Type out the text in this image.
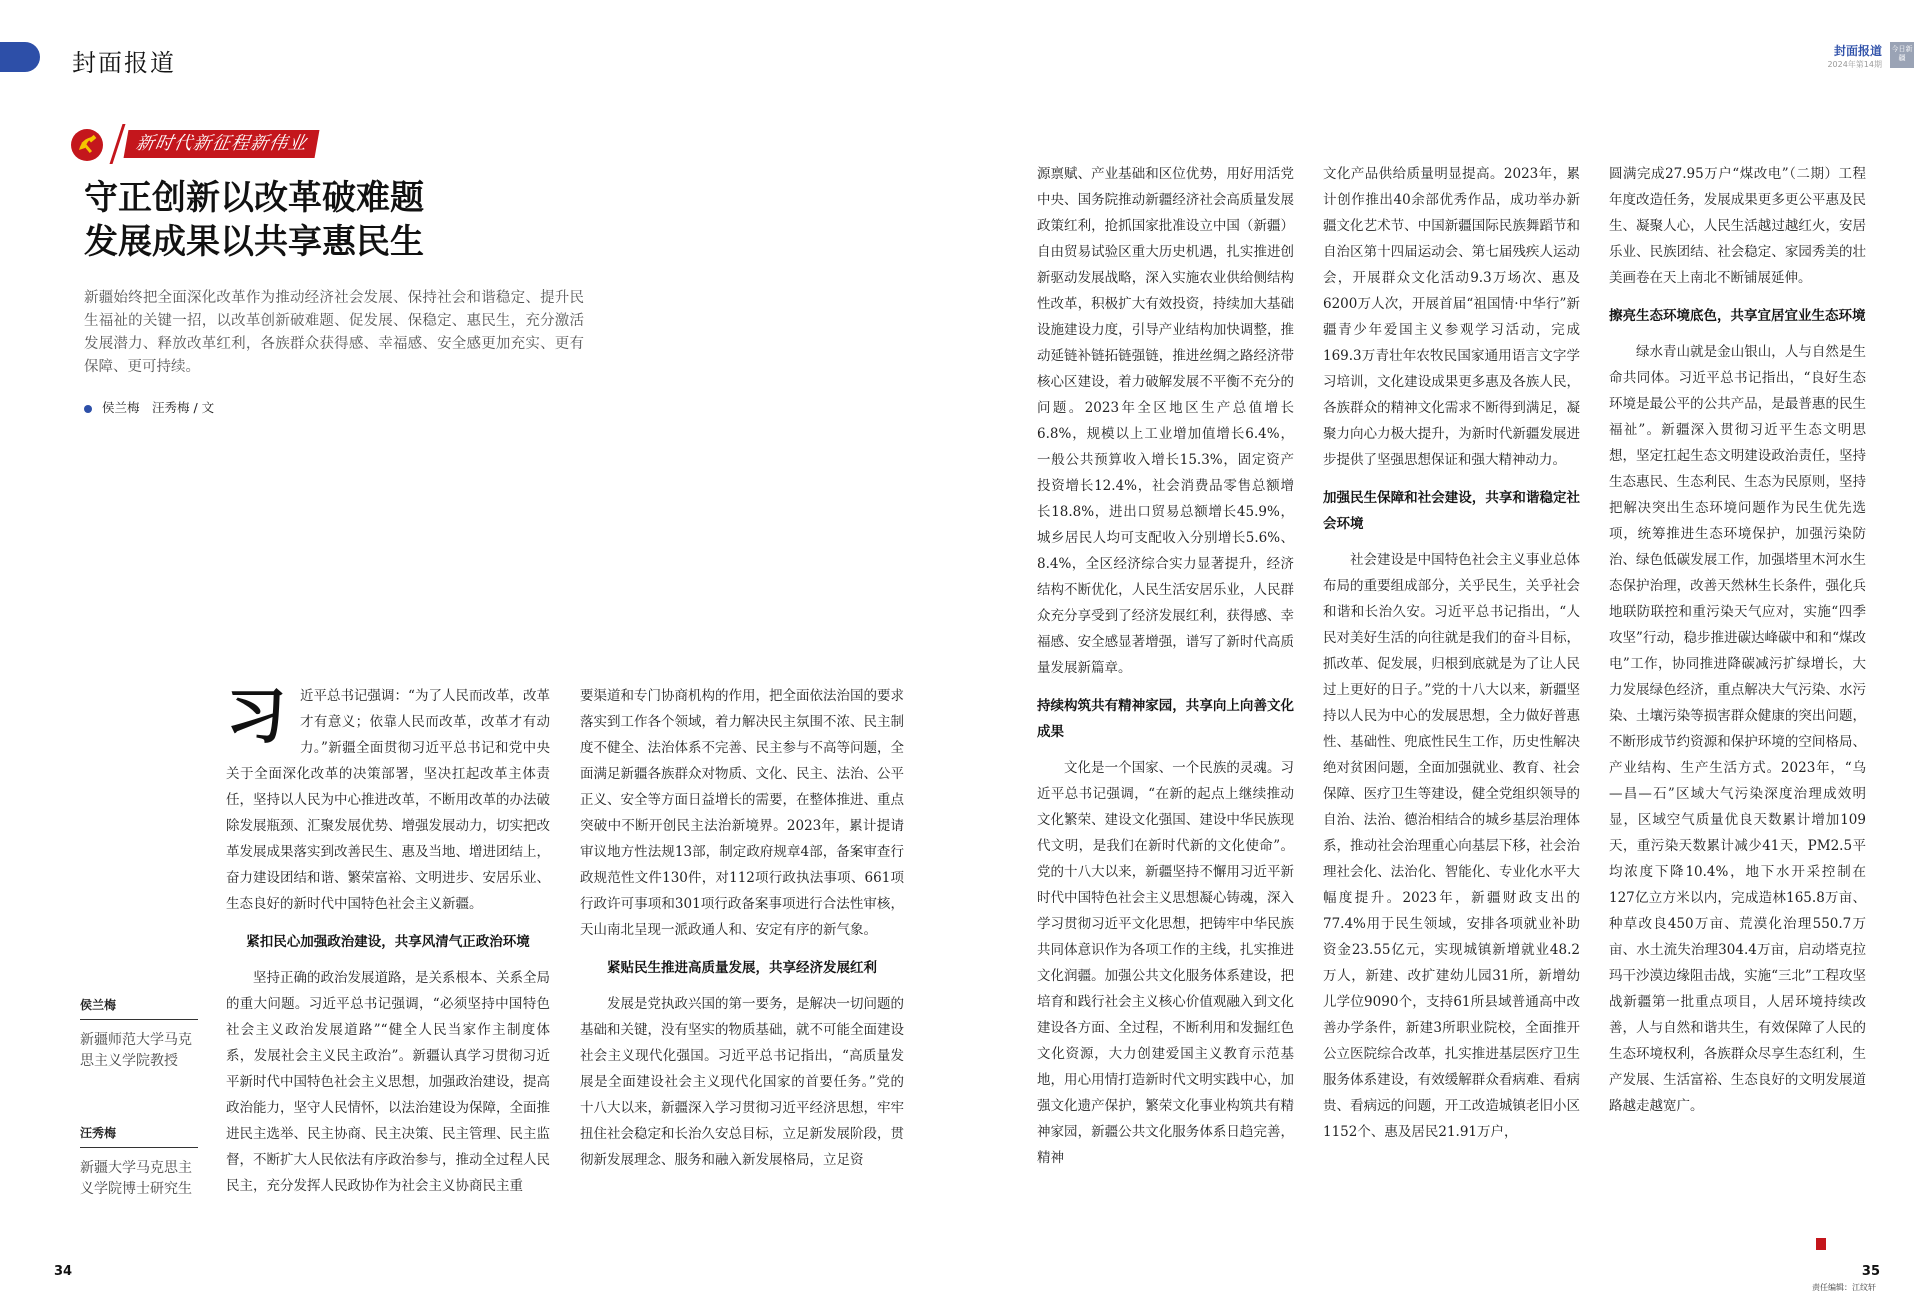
封面报道	封面报道
2024年第14期
今日新疆
新时代新征程新伟业
守正创新以改革破难题
发展成果以共享惠民生
新疆始终把全面深化改革作为推动经济社会发展、保持社会和谐稳定、提升民生福祉的关键一招，以改革创新破难题、促发展、保稳定、惠民生，充分激活发展潜力、释放改革红利，各族群众获得感、幸福感、安全感更加充实、更有保障、更可持续。
侯兰梅　汪秀梅 / 文
侯兰梅
新疆师范大学马克思主义学院教授
汪秀梅
新疆大学马克思主义学院博士研究生
习	近平总书记强调：“为了人民而改革，改革才有意义；依靠人民而改革，改革才有动力。”新疆全面贯彻习近平总书记和党中央关于全面深化改革的决策部署，坚决扛起改革主体责任，坚持以人民为中心推进改革，不断用改革的办法破除发展瓶颈、汇聚发展优势、增强发展动力，切实把改革发展成果落实到改善民生、惠及当地、增进团结上，奋力建设团结和谐、繁荣富裕、文明进步、安居乐业、生态良好的新时代中国特色社会主义新疆。

紧扣民心加强政治建设，共享风清气正政治环境

坚持正确的政治发展道路，是关系根本、关系全局的重大问题。习近平总书记强调，“必须坚持中国特色社会主义政治发展道路”“健全人民当家作主制度体系，发展社会主义民主政治”。新疆认真学习贯彻习近平新时代中国特色社会主义思想，加强政治建设，提高政治能力，坚守人民情怀，以法治建设为保障，全面推进民主选举、民主协商、民主决策、民主管理、民主监督，不断扩大人民依法有序政治参与，推动全过程人民民主，充分发挥人民政协作为社会主义协商民主重

要渠道和专门协商机构的作用，把全面依法治国的要求落实到工作各个领域，着力解决民主氛围不浓、民主制度不健全、法治体系不完善、民主参与不高等问题，全面满足新疆各族群众对物质、文化、民主、法治、公平正义、安全等方面日益增长的需要，在整体推进、重点突破中不断开创民主法治新境界。2023年，累计提请审议地方性法规13部，制定政府规章4部，备案审查行政规范性文件130件，对112项行政执法事项、661项行政许可事项和301项行政备案事项进行合法性审核，天山南北呈现一派政通人和、安定有序的新气象。

紧贴民生推进高质量发展，共享经济发展红利

发展是党执政兴国的第一要务，是解决一切问题的基础和关键，没有坚实的物质基础，就不可能全面建设社会主义现代化强国。习近平总书记指出，“高质量发展是全面建设社会主义现代化国家的首要任务。”党的十八大以来，新疆深入学习贯彻习近平经济思想，牢牢扭住社会稳定和长治久安总目标，立足新发展阶段，贯彻新发展理念、服务和融入新发展格局，立足资

源禀赋、产业基础和区位优势，用好用活党中央、国务院推动新疆经济社会高质量发展政策红利，抢抓国家批准设立中国（新疆）自由贸易试验区重大历史机遇，扎实推进创新驱动发展战略，深入实施农业供给侧结构性改革，积极扩大有效投资，持续加大基础设施建设力度，引导产业结构加快调整，推动延链补链拓链强链，推进丝绸之路经济带核心区建设，着力破解发展不平衡不充分的问题。2023年全区地区生产总值增长6.8%，规模以上工业增加值增长6.4%，一般公共预算收入增长15.3%，固定资产投资增长12.4%，社会消费品零售总额增长18.8%，进出口贸易总额增长45.9%，城乡居民人均可支配收入分别增长5.6%、8.4%，全区经济综合实力显著提升，经济结构不断优化，人民生活安居乐业，人民群众充分享受到了经济发展红利，获得感、幸福感、安全感显著增强，谱写了新时代高质量发展新篇章。

持续构筑共有精神家园，共享向上向善文化成果

文化是一个国家、一个民族的灵魂。习近平总书记强调，“在新的起点上继续推动文化繁荣、建设文化强国、建设中华民族现代文明，是我们在新时代新的文化使命”。党的十八大以来，新疆坚持不懈用习近平新时代中国特色社会主义思想凝心铸魂，深入学习贯彻习近平文化思想，把铸牢中华民族共同体意识作为各项工作的主线，扎实推进文化润疆。加强公共文化服务体系建设，把培育和践行社会主义核心价值观融入到文化建设各方面、全过程，不断利用和发掘红色文化资源，大力创建爱国主义教育示范基地，用心用情打造新时代文明实践中心，加强文化遗产保护，繁荣文化事业构筑共有精神家园，新疆公共文化服务体系日趋完善，精神

文化产品供给质量明显提高。2023年，累计创作推出40余部优秀作品，成功举办新疆文化艺术节、中国新疆国际民族舞蹈节和自治区第十四届运动会、第七届残疾人运动会，开展群众文化活动9.3万场次、惠及6200万人次，开展首届“祖国情·中华行”新疆青少年爱国主义参观学习活动，完成169.3万青壮年农牧民国家通用语言文字学习培训，文化建设成果更多惠及各族人民，各族群众的精神文化需求不断得到满足，凝聚力向心力极大提升，为新时代新疆发展进步提供了坚强思想保证和强大精神动力。

加强民生保障和社会建设，共享和谐稳定社会环境

社会建设是中国特色社会主义事业总体布局的重要组成部分，关乎民生，关乎社会和谐和长治久安。习近平总书记指出，“人民对美好生活的向往就是我们的奋斗目标，抓改革、促发展，归根到底就是为了让人民过上更好的日子。”党的十八大以来，新疆坚持以人民为中心的发展思想，全力做好普惠性、基础性、兜底性民生工作，历史性解决绝对贫困问题，全面加强就业、教育、社会保障、医疗卫生等建设，健全党组织领导的自治、法治、德治相结合的城乡基层治理体系，推动社会治理重心向基层下移，社会治理社会化、法治化、智能化、专业化水平大幅度提升。2023年，新疆财政支出的77.4%用于民生领域，安排各项就业补助资金23.55亿元，实现城镇新增就业48.2万人，新建、改扩建幼儿园31所，新增幼儿学位9090个，支持61所县域普通高中改善办学条件，新建3所职业院校，全面推开公立医院综合改革，扎实推进基层医疗卫生服务体系建设，有效缓解群众看病难、看病贵、看病远的问题，开工改造城镇老旧小区1152个、惠及居民21.91万户，

圆满完成27.95万户“煤改电”（二期）工程年度改造任务，发展成果更多更公平惠及民生、凝聚人心，人民生活越过越红火，安居乐业、民族团结、社会稳定、家园秀美的壮美画卷在天上南北不断铺展延伸。

擦亮生态环境底色，共享宜居宜业生态环境

绿水青山就是金山银山，人与自然是生命共同体。习近平总书记指出，“良好生态环境是最公平的公共产品，是最普惠的民生福祉”。新疆深入贯彻习近平生态文明思想，坚定扛起生态文明建设政治责任，坚持生态惠民、生态利民、生态为民原则，坚持把解决突出生态环境问题作为民生优先选项，统筹推进生态环境保护，加强污染防治、绿色低碳发展工作，加强塔里木河水生态保护治理，改善天然林生长条件，强化兵地联防联控和重污染天气应对，实施“四季攻坚”行动，稳步推进碳达峰碳中和和“煤改电”工作，协同推进降碳减污扩绿增长，大力发展绿色经济，重点解决大气污染、水污染、土壤污染等损害群众健康的突出问题，不断形成节约资源和保护环境的空间格局、产业结构、生产生活方式。2023年，“乌—昌—石”区域大气污染深度治理成效明显，区域空气质量优良天数累计增加109天，重污染天数累计减少41天，PM2.5平均浓度下降10.4%，地下水开采控制在127亿立方米以内，完成造林165.8万亩、种草改良450万亩、荒漠化治理550.7万亩、水土流失治理304.4万亩，启动塔克拉玛干沙漠边缘阻击战，实施“三北”工程攻坚战新疆第一批重点项目，人居环境持续改善，人与自然和谐共生，有效保障了人民的生态环境权利，各族群众尽享生态红利，生产发展、生活富裕、生态良好的文明发展道路越走越宽广。

34	35
责任编辑：江纹轩
